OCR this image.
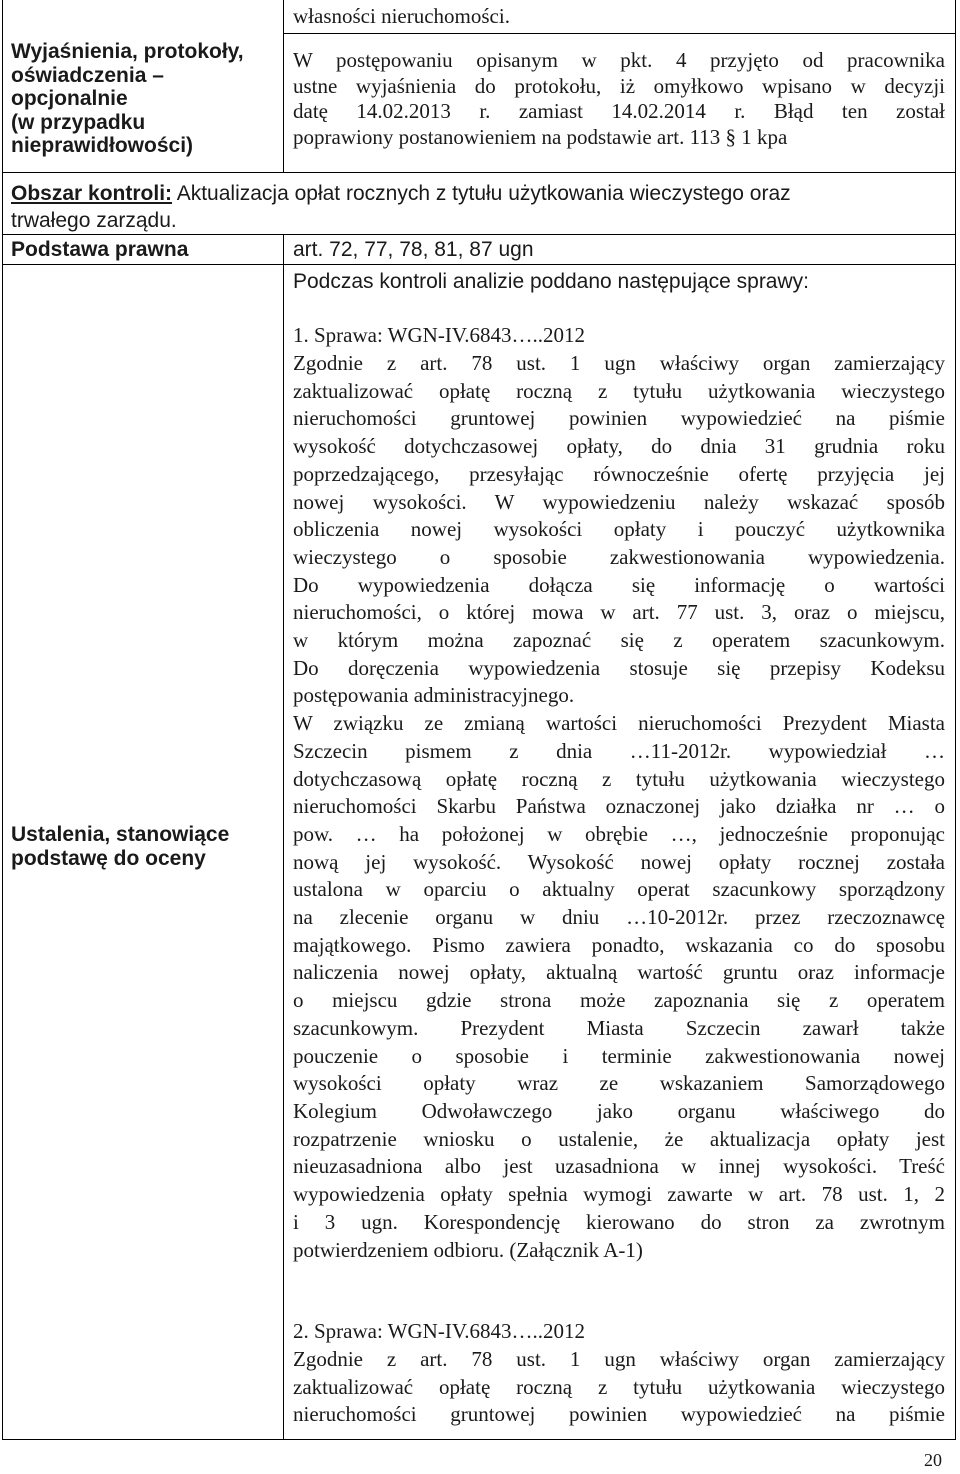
Wyjaśnienia, protokoły,
oświadczenia –
opcjonalnie
(w przypadku
nieprawidłowości)
własności nieruchomości.
W postępowaniu opisanym w pkt. 4 przyjęto od pracownika
ustne wyjaśnienia do protokołu, iż omyłkowo wpisano w decyzji
datę 14.02.2013 r. zamiast 14.02.2014 r. Błąd ten został
poprawiony postanowieniem na podstawie art. 113 § 1 kpa
Obszar kontroli: Aktualizacja opłat rocznych z tytułu użytkowania wieczystego oraz
trwałego zarządu.
Podstawa prawna	art. 72, 77, 78, 81, 87 ugn
Ustalenia, stanowiące
podstawę do oceny
Podczas kontroli analizie poddano następujące sprawy:
1. Sprawa: WGN-IV.6843…..2012
Zgodnie z art. 78 ust. 1 ugn właściwy organ zamierzający
zaktualizować opłatę roczną z tytułu użytkowania wieczystego
nieruchomości gruntowej powinien wypowiedzieć na piśmie
wysokość dotychczasowej opłaty, do dnia 31 grudnia roku
poprzedzającego, przesyłając równocześnie ofertę przyjęcia jej
nowej wysokości. W wypowiedzeniu należy wskazać sposób
obliczenia nowej wysokości opłaty i pouczyć użytkownika
wieczystego o sposobie zakwestionowania wypowiedzenia.
Do wypowiedzenia dołącza się informację o wartości
nieruchomości, o której mowa w art. 77 ust. 3, oraz o miejscu,
w którym można zapoznać się z operatem szacunkowym.
Do doręczenia wypowiedzenia stosuje się przepisy Kodeksu
postępowania administracyjnego.
W związku ze zmianą wartości nieruchomości Prezydent Miasta
Szczecin pismem z dnia …11-2012r. wypowiedział …
dotychczasową opłatę roczną z tytułu użytkowania wieczystego
nieruchomości Skarbu Państwa oznaczonej jako działka nr … o
pow. … ha położonej w obrębie …, jednocześnie proponując
nową jej wysokość. Wysokość nowej opłaty rocznej została
ustalona w oparciu o aktualny operat szacunkowy sporządzony
na zlecenie organu w dniu …10-2012r. przez rzeczoznawcę
majątkowego. Pismo zawiera ponadto, wskazania co do sposobu
naliczenia nowej opłaty, aktualną wartość gruntu oraz informacje
o miejscu gdzie strona może zapoznania się z operatem
szacunkowym. Prezydent Miasta Szczecin zawarł także
pouczenie o sposobie i terminie zakwestionowania nowej
wysokości opłaty wraz ze wskazaniem Samorządowego
Kolegium Odwoławczego jako organu właściwego do
rozpatrzenie wniosku o ustalenie, że aktualizacja opłaty jest
nieuzasadniona albo jest uzasadniona w innej wysokości. Treść
wypowiedzenia opłaty spełnia wymogi zawarte w art. 78 ust. 1, 2
i 3 ugn. Korespondencję kierowano do stron za zwrotnym
potwierdzeniem odbioru. (Załącznik A-1)
2. Sprawa: WGN-IV.6843…..2012
Zgodnie z art. 78 ust. 1 ugn właściwy organ zamierzający
zaktualizować opłatę roczną z tytułu użytkowania wieczystego
nieruchomości gruntowej powinien wypowiedzieć na piśmie
20
